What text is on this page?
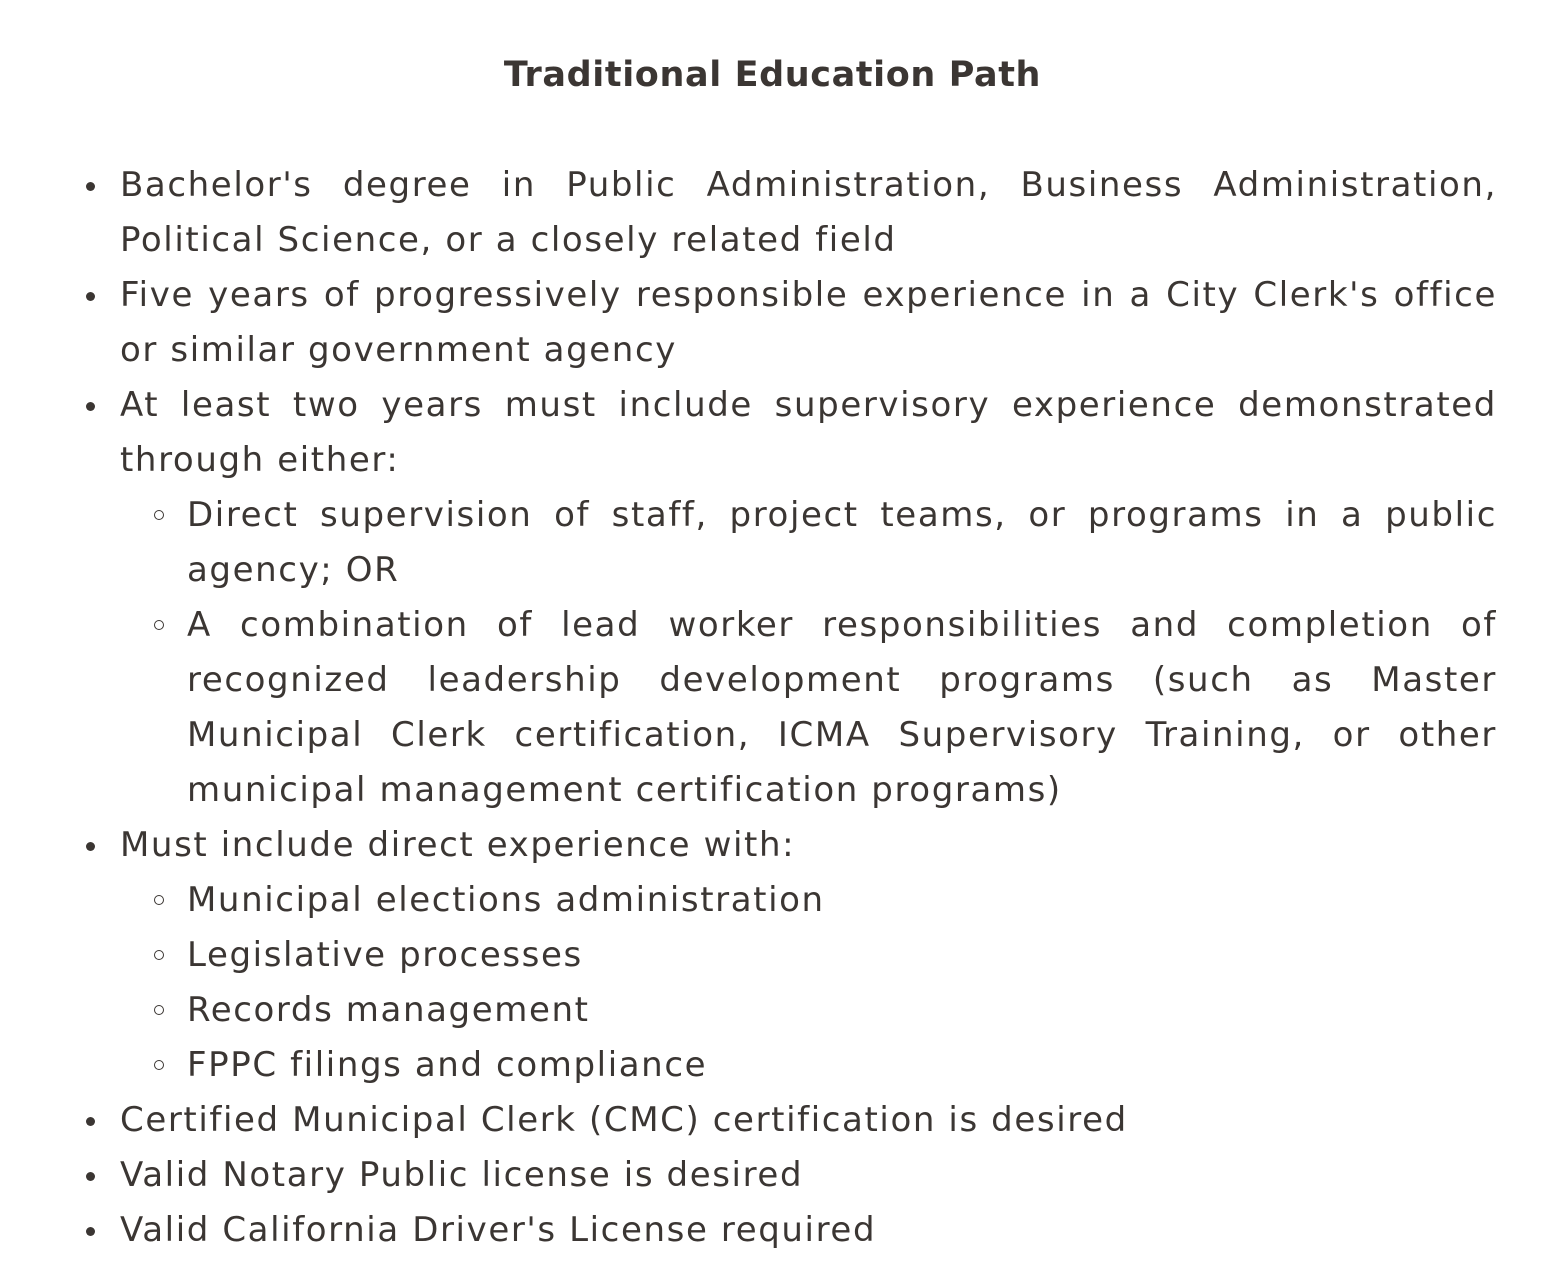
Traditional Education Path
Bachelor's degree in Public Administration, Business Administration, Political Science, or a closely related field
Five years of progressively responsible experience in a City Clerk's office or similar government agency
At least two years must include supervisory experience demonstrated through either:
Direct supervision of staff, project teams, or programs in a public agency; OR
A combination of lead worker responsibilities and completion of recognized leadership development programs (such as Master Municipal Clerk certification, ICMA Supervisory Training, or other municipal management certification programs)
Must include direct experience with:
Municipal elections administration
Legislative processes
Records management
FPPC filings and compliance
Certified Municipal Clerk (CMC) certification is desired
Valid Notary Public license is desired
Valid California Driver's License required
